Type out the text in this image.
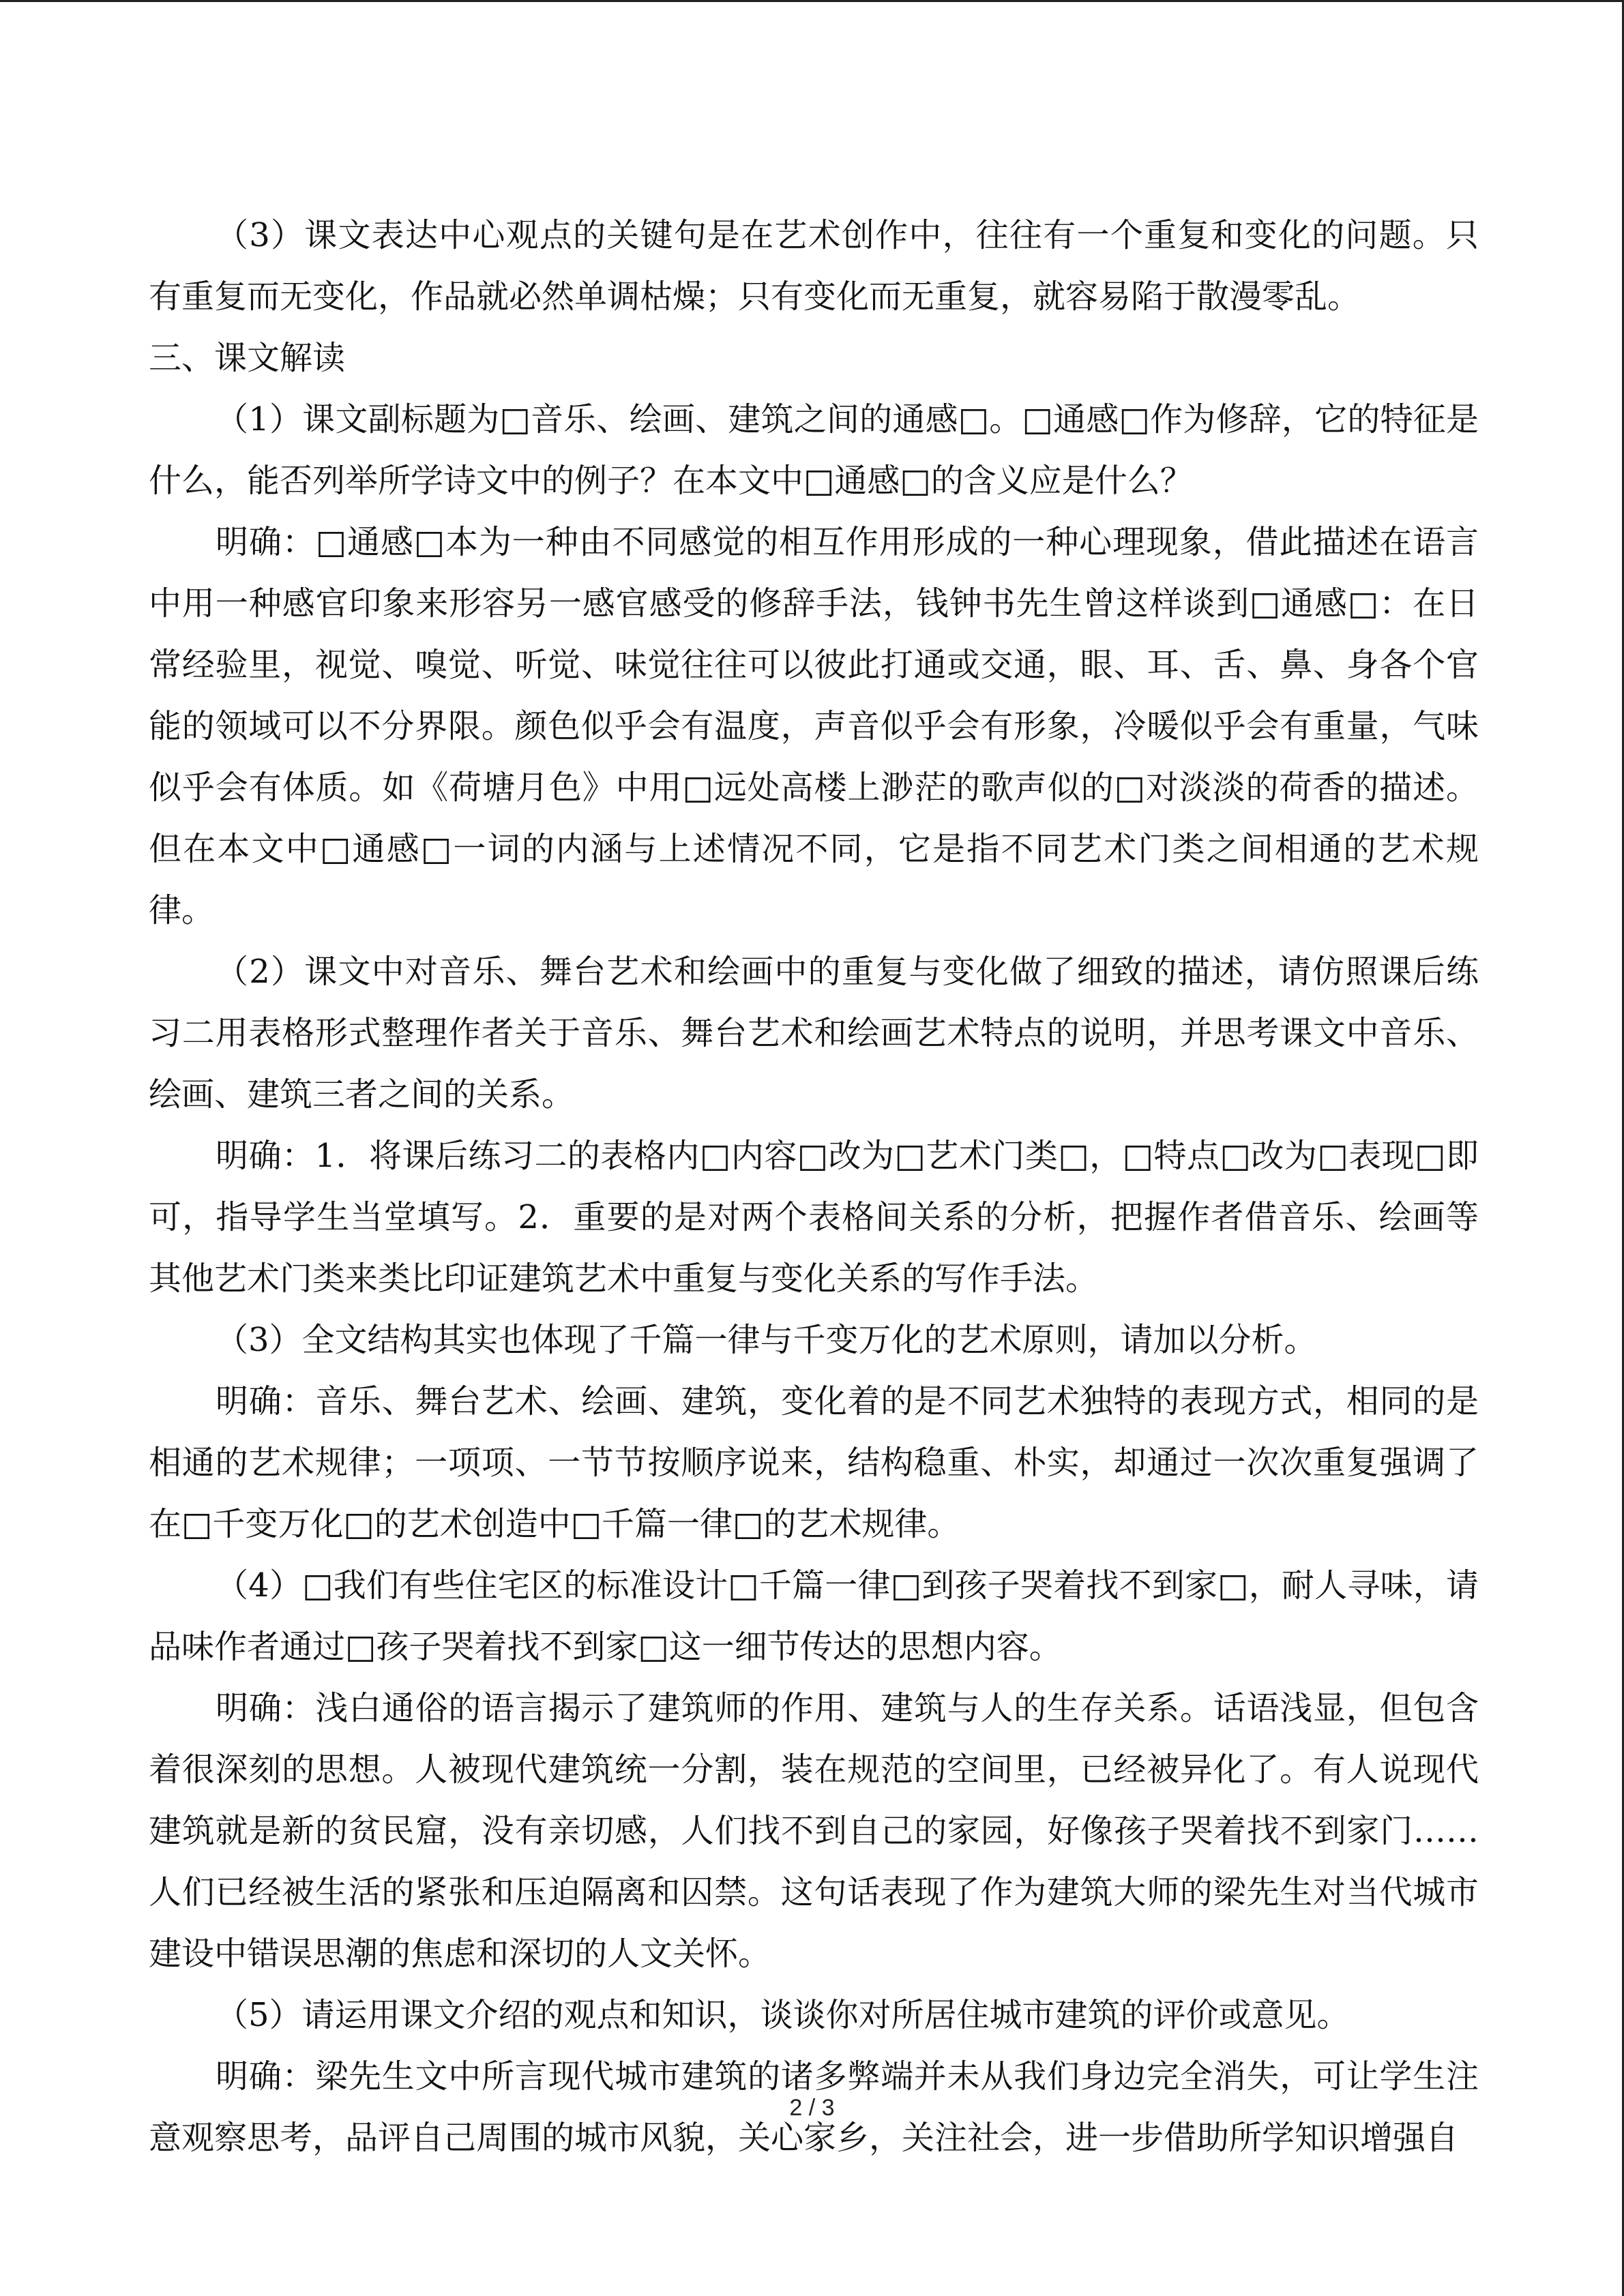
（3）课文表达中心观点的关键句是在艺术创作中，往往有一个重复和变化的问题。只有重复而无变化，作品就必然单调枯燥；只有变化而无重复，就容易陷于散漫零乱。

三、课文解读

（1）课文副标题为□音乐、绘画、建筑之间的通感□。□通感□作为修辞，它的特征是什么，能否列举所学诗文中的例子？在本文中□通感□的含义应是什么？

明确：□通感□本为一种由不同感觉的相互作用形成的一种心理现象，借此描述在语言中用一种感官印象来形容另一感官感受的修辞手法，钱钟书先生曾这样谈到□通感□：在日常经验里，视觉、嗅觉、听觉、味觉往往可以彼此打通或交通，眼、耳、舌、鼻、身各个官能的领域可以不分界限。颜色似乎会有温度，声音似乎会有形象，冷暖似乎会有重量，气味似乎会有体质。如《荷塘月色》中用□远处高楼上渺茫的歌声似的□对淡淡的荷香的描述。但在本文中□通感□一词的内涵与上述情况不同，它是指不同艺术门类之间相通的艺术规律。

（2）课文中对音乐、舞台艺术和绘画中的重复与变化做了细致的描述，请仿照课后练习二用表格形式整理作者关于音乐、舞台艺术和绘画艺术特点的说明，并思考课文中音乐、绘画、建筑三者之间的关系。

明确：1．将课后练习二的表格内□内容□改为□艺术门类□，□特点□改为□表现□即可，指导学生当堂填写。2．重要的是对两个表格间关系的分析，把握作者借音乐、绘画等其他艺术门类来类比印证建筑艺术中重复与变化关系的写作手法。

（3）全文结构其实也体现了千篇一律与千变万化的艺术原则，请加以分析。

明确：音乐、舞台艺术、绘画、建筑，变化着的是不同艺术独特的表现方式，相同的是相通的艺术规律；一项项、一节节按顺序说来，结构稳重、朴实，却通过一次次重复强调了在□千变万化□的艺术创造中□千篇一律□的艺术规律。

（4）□我们有些住宅区的标准设计□千篇一律□到孩子哭着找不到家□，耐人寻味，请品味作者通过□孩子哭着找不到家□这一细节传达的思想内容。

明确：浅白通俗的语言揭示了建筑师的作用、建筑与人的生存关系。话语浅显，但包含着很深刻的思想。人被现代建筑统一分割，装在规范的空间里，已经被异化了。有人说现代建筑就是新的贫民窟，没有亲切感，人们找不到自己的家园，好像孩子哭着找不到家门……人们已经被生活的紧张和压迫隔离和囚禁。这句话表现了作为建筑大师的梁先生对当代城市建设中错误思潮的焦虑和深切的人文关怀。

（5）请运用课文介绍的观点和知识，谈谈你对所居住城市建筑的评价或意见。

明确：梁先生文中所言现代城市建筑的诸多弊端并未从我们身边完全消失，可让学生注意观察思考，品评自己周围的城市风貌，关心家乡，关注社会，进一步借助所学知识增强自

2 / 3
